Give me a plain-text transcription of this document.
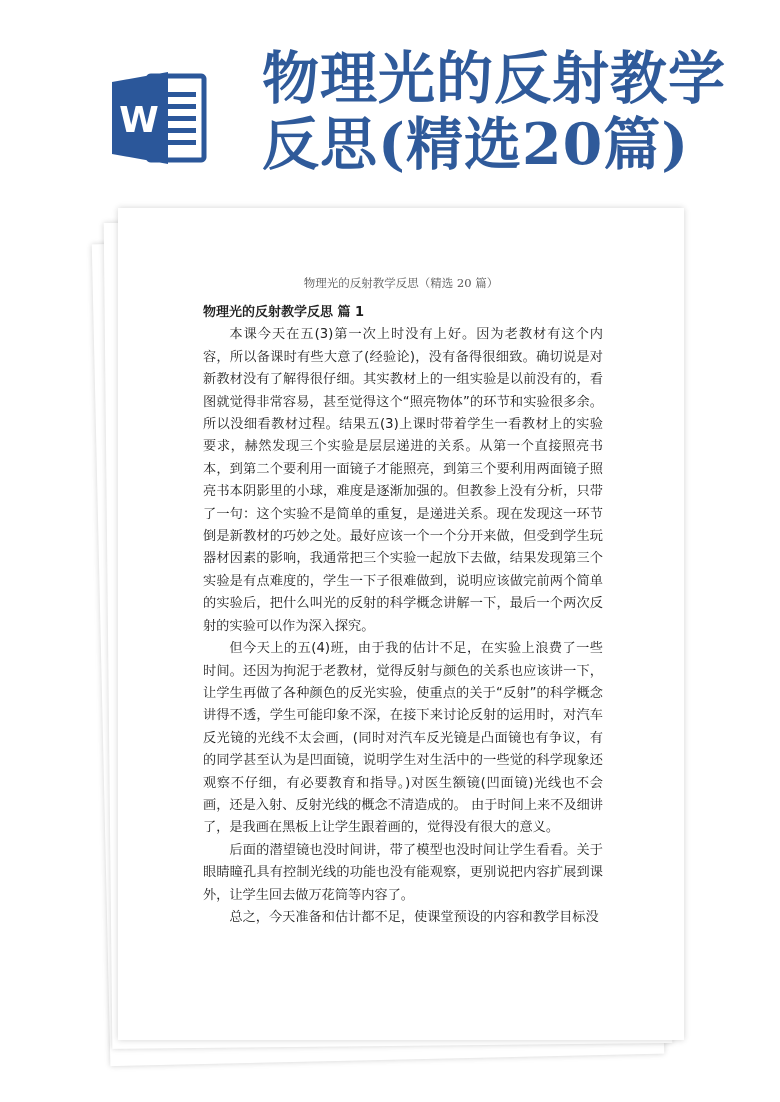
W
物理光的反射教学
反思(精选20篇)
物理光的反射教学反思（精选 20 篇）

物理光的反射教学反思 篇 1

本课今天在五(3)第一次上时没有上好。因为老教材有这个内容，所以备课时有些大意了(经验论)，没有备得很细致。确切说是对新教材没有了解得很仔细。其实教材上的一组实验是以前没有的，看图就觉得非常容易，甚至觉得这个“照亮物体”的环节和实验很多余。所以没细看教材过程。结果五(3)上课时带着学生一看教材上的实验要求，赫然发现三个实验是层层递进的关系。从第一个直接照亮书本，到第二个要利用一面镜子才能照亮，到第三个要利用两面镜子照亮书本阴影里的小球，难度是逐渐加强的。但教参上没有分析，只带了一句：这个实验不是简单的重复，是递进关系。现在发现这一环节倒是新教材的巧妙之处。最好应该一个一个分开来做，但受到学生玩器材因素的影响，我通常把三个实验一起放下去做，结果发现第三个实验是有点难度的，学生一下子很难做到，说明应该做完前两个简单的实验后，把什么叫光的反射的科学概念讲解一下，最后一个两次反射的实验可以作为深入探究。

但今天上的五(4)班，由于我的估计不足，在实验上浪费了一些时间。还因为拘泥于老教材，觉得反射与颜色的关系也应该讲一下，让学生再做了各种颜色的反光实验，使重点的关于“反射”的科学概念讲得不透，学生可能印象不深，在接下来讨论反射的运用时，对汽车反光镜的光线不太会画，(同时对汽车反光镜是凸面镜也有争议，有的同学甚至认为是凹面镜，说明学生对生活中的一些觉的科学现象还观察不仔细，有必要教育和指导。)对医生额镜(凹面镜)光线也不会画，还是入射、反射光线的概念不清造成的。 由于时间上来不及细讲了，是我画在黑板上让学生跟着画的，觉得没有很大的意义。

后面的潜望镜也没时间讲，带了模型也没时间让学生看看。关于眼睛瞳孔具有控制光线的功能也没有能观察，更别说把内容扩展到课外，让学生回去做万花筒等内容了。

总之，今天准备和估计都不足，使课堂预设的内容和教学目标没
